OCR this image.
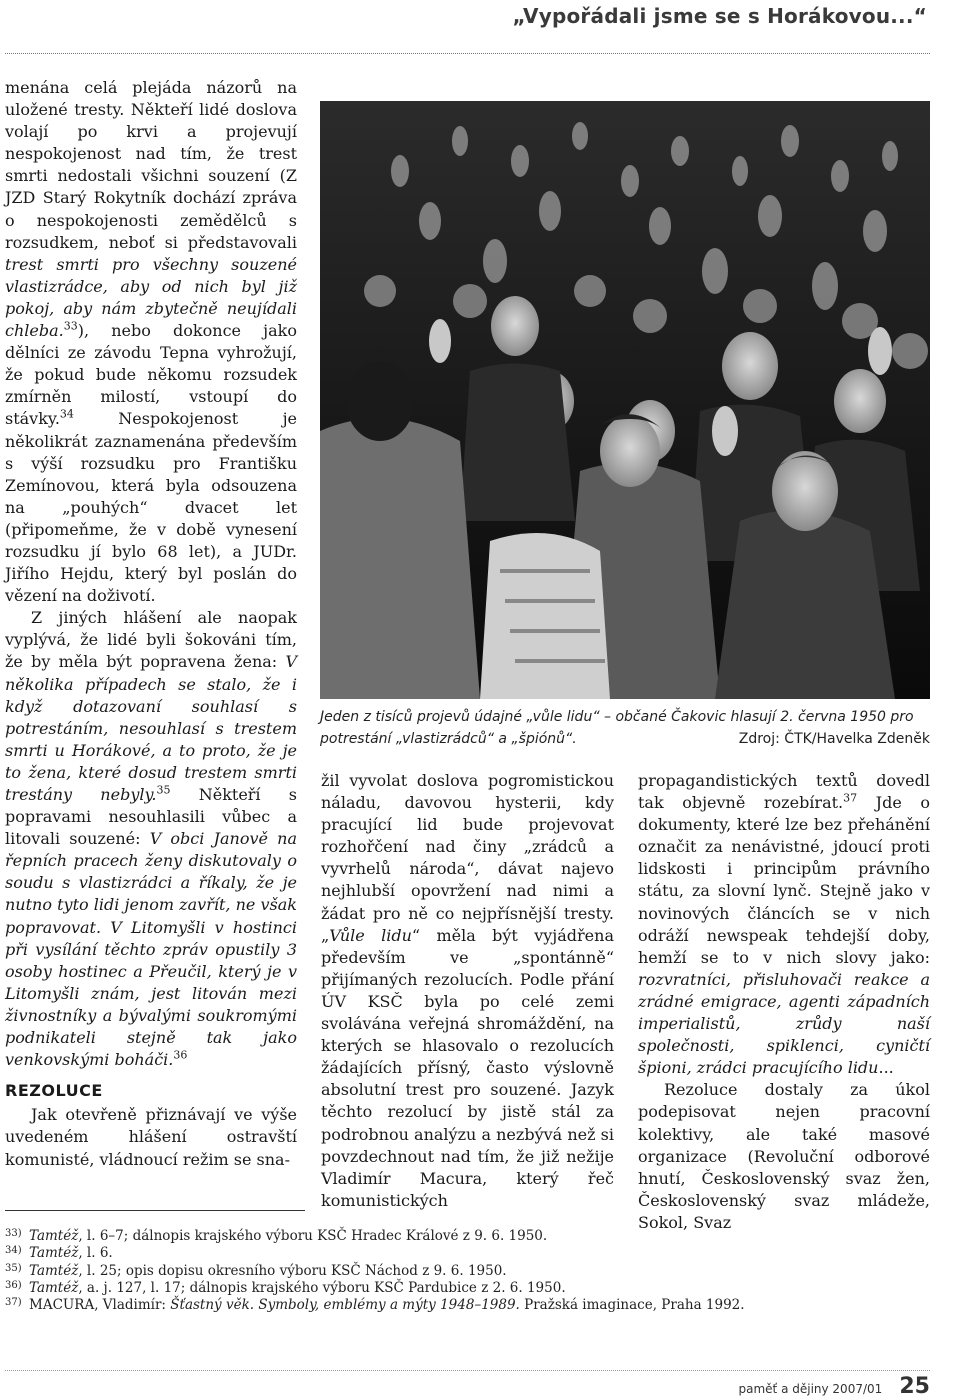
„Vypořádali jsme se s Horákovou...“

menána celá plejáda názorů na uložené tresty. Někteří lidé doslova volají po krvi a projevují nespokojenost nad tím, že trest smrti nedostali všichni souzení (Z JZD Starý Rokytník dochází zpráva o nespokojenosti zemědělců s rozsudkem, neboť si představovali trest smrti pro všechny souzené vlastizrádce, aby od nich byl již pokoj, aby nám zbytečně neujídali chleba.$^{33}$), nebo dokonce jako dělníci ze závodu Tepna vyhrožují, že pokud bude někomu rozsudek zmírněn milostí, vstoupí do stávky.$^{34}$ Nespokojenost je několikrát zaznamenána především s výší rozsudku pro Františku Zemínovou, která byla odsouzena na „pouhých“ dvacet let (připomeňme, že v době vynesení rozsudku jí bylo 68 let), a JUDr. Jiřího Hejdu, který byl poslán do vězení na doživotí.

Z jiných hlášení ale naopak vyplývá, že lidé byli šokováni tím, že by měla být popravena žena: V několika případech se stalo, že i když dotazovaní souhlasí s potrestáním, nesouhlasí s trestem smrti u Horákové, a to proto, že je to žena, které dosud trestem smrti trestány nebyly.$^{35}$ Někteří s popravami nesouhlasili vůbec a litovali souzené: V obci Janově na řepních pracech ženy diskutovaly o soudu s vlastizrádci a říkaly, že je nutno tyto lidi jenom zavřít, ne však popravovat. V Litomyšli v hostinci při vysílání těchto zpráv opustily 3 osoby hostinec a Přeučil, který je v Litomyšli znám, jest litován mezi živnostníky a bývalými soukromými podnikateli stejně tak jako venkovskými boháči.$^{36}$

REZOLUCE

Jak otevřeně přiznávají ve výše uvedeném hlášení ostravští komunisté, vládnoucí režim se sna-

Jeden z tisíců projevů údajné „vůle lidu“ – občané Čakovic hlasují 2. června 1950 pro potrestání „vlastizrádců“ a „špiónů“.	Zdroj: ČTK/Havelka Zdeněk

žil vyvolat doslova pogromistickou náladu, davovou hysterii, kdy pracující lid bude projevovat rozhořčení nad činy „zrádců a vyvrhelů národa“, dávat najevo nejhlubší opovržení nad nimi a žádat pro ně co nejpřísnější tresty. „Vůle lidu“ měla být vyjádřena především ve „spontánně“ přijímaných rezolucích. Podle přání ÚV KSČ byla po celé zemi svolávána veřejná shromáždění, na kterých se hlasovalo o rezolucích žádajících přísný, často výslovně absolutní trest pro souzené. Jazyk těchto rezolucí by jistě stál za podrobnou analýzu a nezbývá než si povzdechnout nad tím, že již nežije Vladimír Macura, který řeč komunistických

propagandistických textů dovedl tak objevně rozebírat.$^{37}$ Jde o dokumenty, které lze bez přehánění označit za nenávistné, jdoucí proti lidskosti i principům právního státu, za slovní lynč. Stejně jako v novinových článcích se v nich odráží newspeak tehdejší doby, hemží se to v nich slovy jako: rozvratníci, přisluhovači reakce a zrádné emigrace, agenti západních imperialistů, zrůdy naší společnosti, spiklenci, cyničtí špioni, zrádci pracujícího lidu...

Rezoluce dostaly za úkol podepisovat nejen pracovní kolektivy, ale také masové organizace (Revoluční odborové hnutí, Československý svaz žen, Československý svaz mládeže, Sokol, Svaz

33) Tamtéž, l. 6–7; dálnopis krajského výboru KSČ Hradec Králové z 9. 6. 1950.
34) Tamtéž, l. 6.
35) Tamtéž, l. 25; opis dopisu okresního výboru KSČ Náchod z 9. 6. 1950.
36) Tamtéž, a. j. 127, l. 17; dálnopis krajského výboru KSČ Pardubice z 2. 6. 1950.
37) MACURA, Vladimír: Šťastný věk. Symboly, emblémy a mýty 1948–1989. Pražská imaginace, Praha 1992.
paměť a dějiny 2007/01 25
